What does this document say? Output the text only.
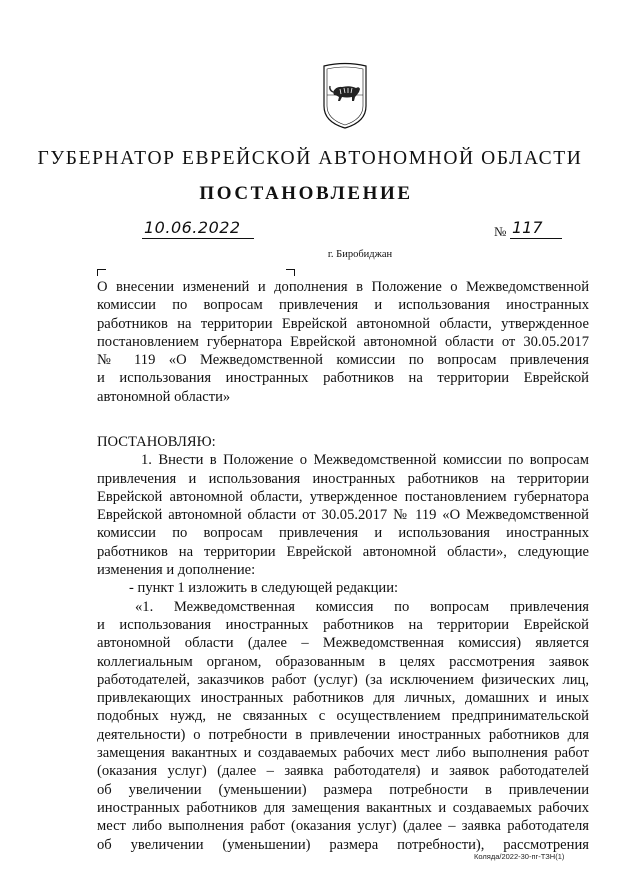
ГУБЕРНАТОР ЕВРЕЙСКОЙ АВТОНОМНОЙ ОБЛАСТИ
ПОСТАНОВЛЕНИЕ
10.06.2022	№ 117
г. Биробиджан
О внесении изменений и дополнения в Положение о Межведомственной
комиссии по вопросам привлечения и использования иностранных
работников на территории Еврейской автономной области, утвержденное
постановлением губернатора Еврейской автономной области от 30.05.2017
№ 119 «О Межведомственной комиссии по вопросам привлечения
и использования иностранных работников на территории Еврейской
автономной области»
ПОСТАНОВЛЯЮ:
1. Внести в Положение о Межведомственной комиссии по вопросам
привлечения и использования иностранных работников на территории
Еврейской автономной области, утвержденное постановлением губернатора
Еврейской автономной области от 30.05.2017 № 119 «О Межведомственной
комиссии по вопросам привлечения и использования иностранных
работников на территории Еврейской автономной области», следующие
изменения и дополнение:
- пункт 1 изложить в следующей редакции:
«1. Межведомственная комиссия по вопросам привлечения
и использования иностранных работников на территории Еврейской
автономной области (далее – Межведомственная комиссия) является
коллегиальным органом, образованным в целях рассмотрения заявок
работодателей, заказчиков работ (услуг) (за исключением физических лиц,
привлекающих иностранных работников для личных, домашних и иных
подобных нужд, не связанных с осуществлением предпринимательской
деятельности) о потребности в привлечении иностранных работников для
замещения вакантных и создаваемых рабочих мест либо выполнения работ
(оказания услуг) (далее – заявка работодателя) и заявок работодателей
об увеличении (уменьшении) размера потребности в привлечении
иностранных работников для замещения вакантных и создаваемых рабочих
мест либо выполнения работ (оказания услуг) (далее – заявка работодателя
об увеличении (уменьшении) размера потребности), рассмотрения
Коляда/2022-30-пг-ТЗН(1)
